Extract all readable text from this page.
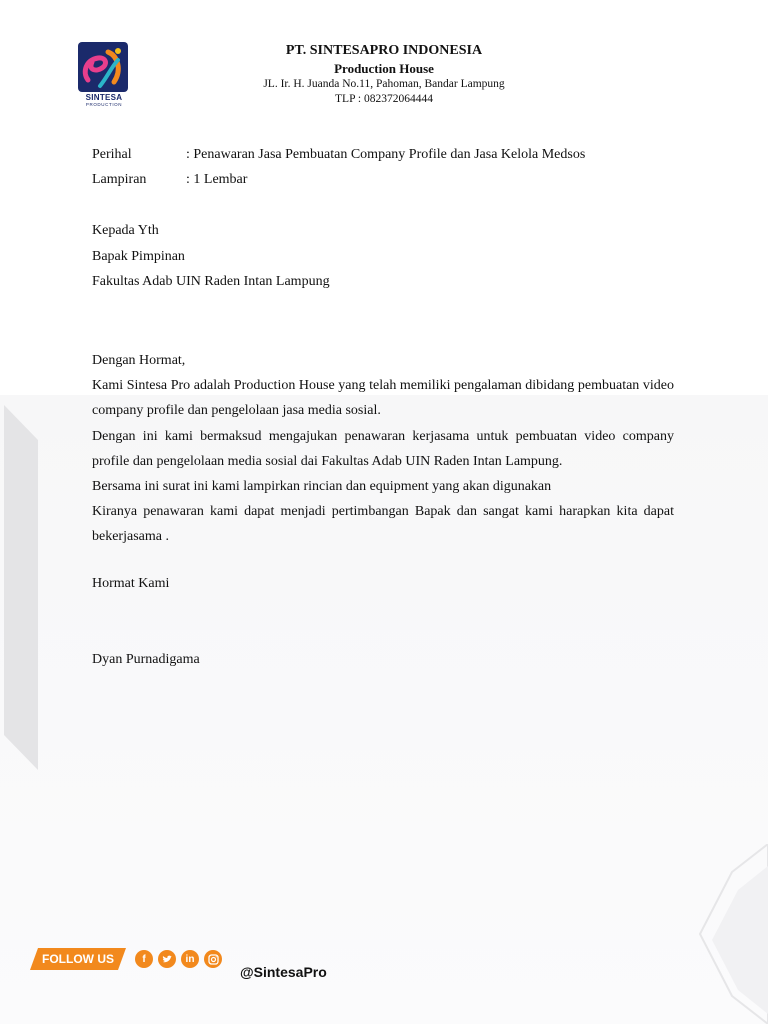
SINTESA
PRODUCTION
PT. SINTESAPRO INDONESIA
Production House
JL. Ir. H. Juanda No.11, Pahoman, Bandar Lampung
TLP : 082372064444
Perihal	: Penawaran Jasa Pembuatan Company Profile dan Jasa Kelola Medsos
Lampiran	: 1 Lembar
Kepada Yth
Bapak Pimpinan
Fakultas Adab UIN Raden Intan Lampung

Dengan Hormat,

Kami Sintesa Pro adalah Production House yang telah memiliki pengalaman dibidang pembuatan video company profile dan pengelolaan jasa media sosial.

Dengan ini kami bermaksud mengajukan penawaran kerjasama untuk pembuatan video company profile dan pengelolaan media sosial dai Fakultas Adab UIN Raden Intan Lampung.

Bersama ini surat ini kami lampirkan rincian dan equipment yang akan digunakan

Kiranya penawaran kami dapat menjadi pertimbangan Bapak dan sangat kami harapkan kita dapat bekerjasama .

Hormat Kami
Dyan Purnadigama
FOLLOW US	f	in
@SintesaPro
